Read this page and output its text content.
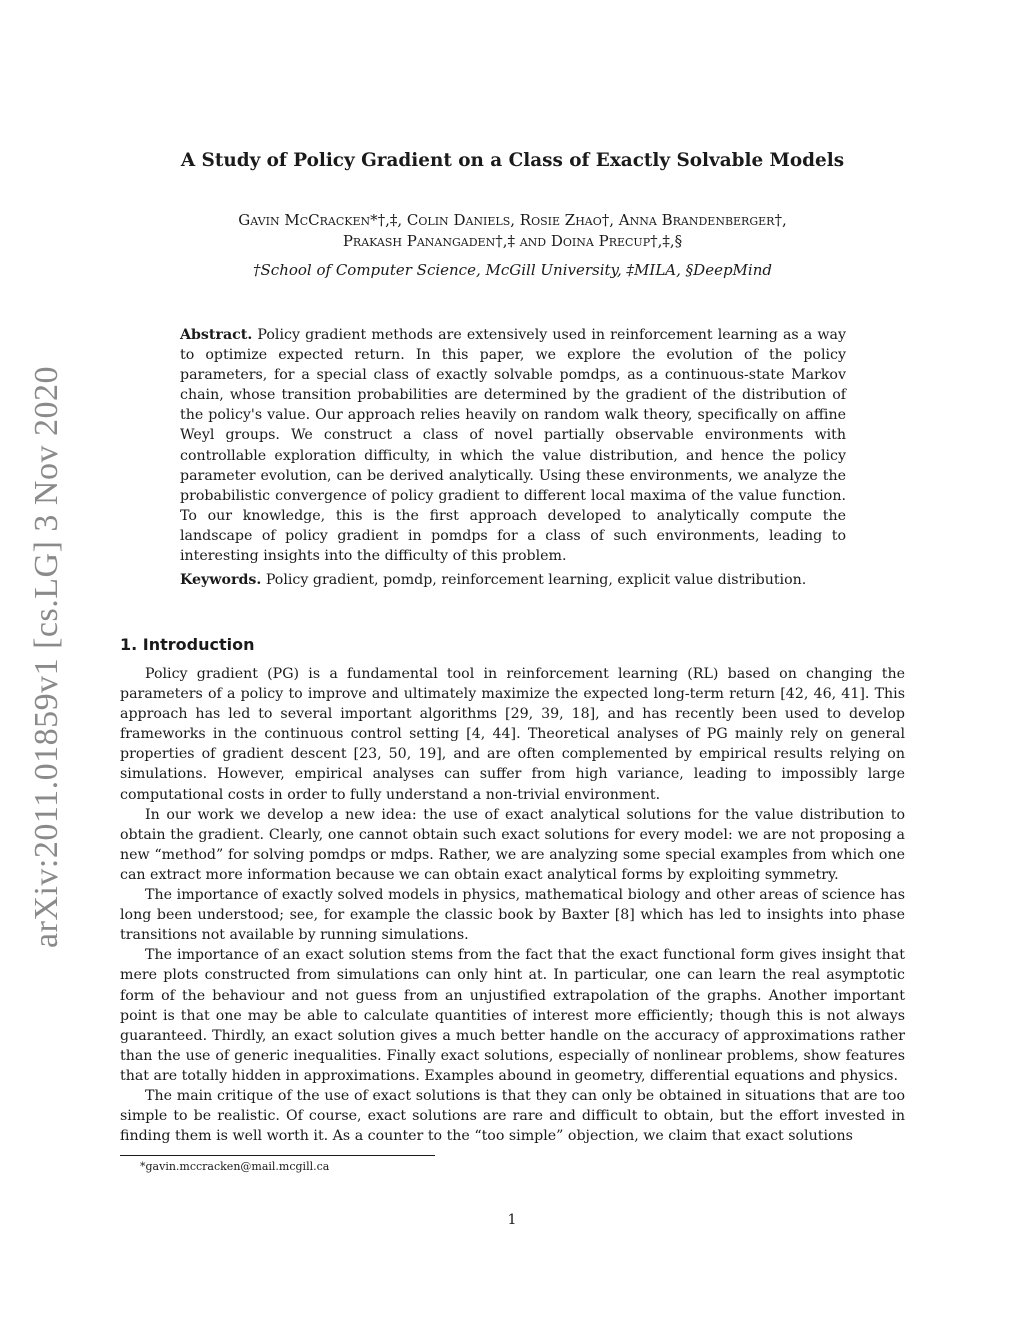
arXiv:2011.01859v1 [cs.LG] 3 Nov 2020
A Study of Policy Gradient on a Class of Exactly Solvable Models
Gavin McCracken*†,‡, Colin Daniels, Rosie Zhao†, Anna Brandenberger†,
Prakash Panangaden†,‡ and Doina Precup†,‡,§
†School of Computer Science, McGill University, ‡MILA, §DeepMind
Abstract. Policy gradient methods are extensively used in reinforcement learning as a way to optimize expected return. In this paper, we explore the evolution of the policy parameters, for a special class of exactly solvable pomdps, as a continuous-state Markov chain, whose transition probabilities are determined by the gradient of the distribution of the policy's value. Our approach relies heavily on random walk theory, specifically on affine Weyl groups. We construct a class of novel partially observable environments with controllable exploration difficulty, in which the value distribution, and hence the policy parameter evolution, can be derived analytically. Using these environments, we analyze the probabilistic convergence of policy gradient to different local maxima of the value function. To our knowledge, this is the first approach developed to analytically compute the landscape of policy gradient in pomdps for a class of such environments, leading to interesting insights into the difficulty of this problem.
Keywords. Policy gradient, pomdp, reinforcement learning, explicit value distribution.
1. Introduction

Policy gradient (PG) is a fundamental tool in reinforcement learning (RL) based on changing the parameters of a policy to improve and ultimately maximize the expected long-term return [42, 46, 41]. This approach has led to several important algorithms [29, 39, 18], and has recently been used to develop frameworks in the continuous control setting [4, 44]. Theoretical analyses of PG mainly rely on general properties of gradient descent [23, 50, 19], and are often complemented by empirical results relying on simulations. However, empirical analyses can suffer from high variance, leading to impossibly large computational costs in order to fully understand a non-trivial environment.

In our work we develop a new idea: the use of exact analytical solutions for the value distribution to obtain the gradient. Clearly, one cannot obtain such exact solutions for every model: we are not proposing a new “method” for solving pomdps or mdps. Rather, we are analyzing some special examples from which one can extract more information because we can obtain exact analytical forms by exploiting symmetry.

The importance of exactly solved models in physics, mathematical biology and other areas of science has long been understood; see, for example the classic book by Baxter [8] which has led to insights into phase transitions not available by running simulations.

The importance of an exact solution stems from the fact that the exact functional form gives insight that mere plots constructed from simulations can only hint at. In particular, one can learn the real asymptotic form of the behaviour and not guess from an unjustified extrapolation of the graphs. Another important point is that one may be able to calculate quantities of interest more efficiently; though this is not always guaranteed. Thirdly, an exact solution gives a much better handle on the accuracy of approximations rather than the use of generic inequalities. Finally exact solutions, especially of nonlinear problems, show features that are totally hidden in approximations. Examples abound in geometry, differential equations and physics.

The main critique of the use of exact solutions is that they can only be obtained in situations that are too simple to be realistic. Of course, exact solutions are rare and difficult to obtain, but the effort invested in finding them is well worth it. As a counter to the “too simple” objection, we claim that exact solutions

*gavin.mccracken@mail.mcgill.ca
1
